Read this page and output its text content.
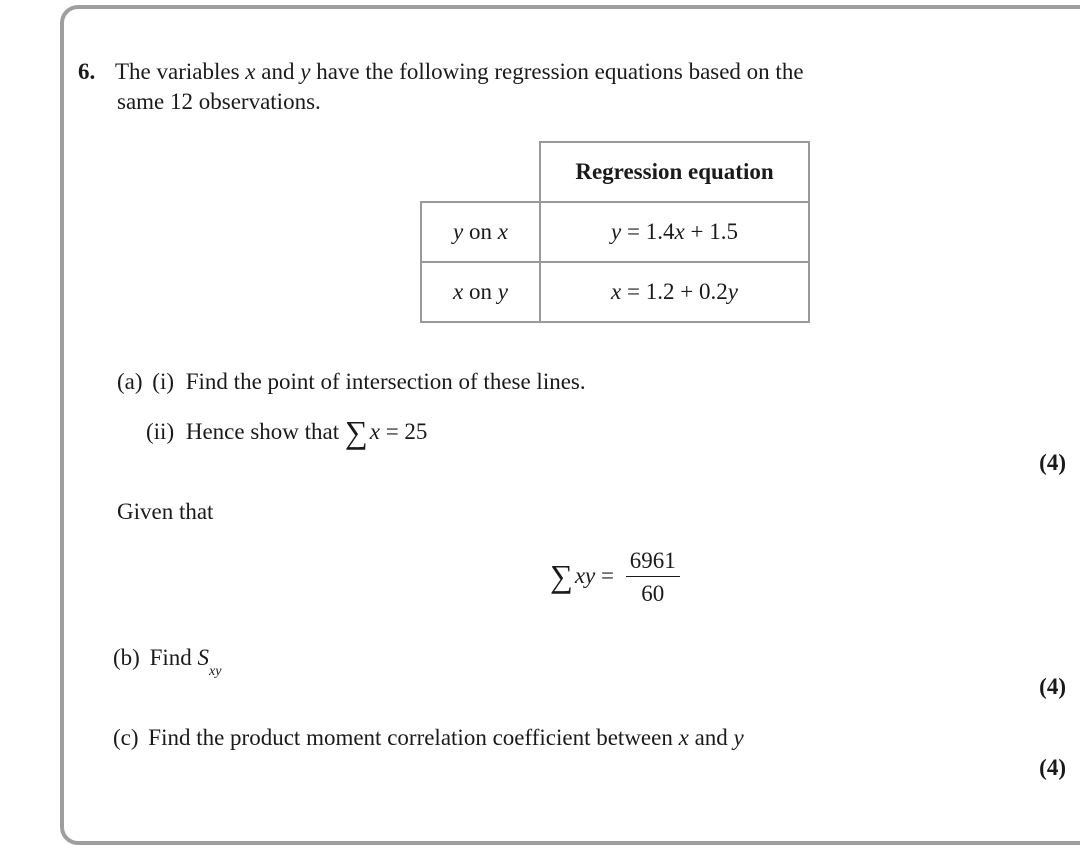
6. The variables x and y have the following regression equations based on the
same 12 observations.
	Regression equation
y on x	y = 1.4x + 1.5
x on y	x = 1.2 + 0.2y
(a) (i) Find the point of intersection of these lines.
(ii) Hence show that ∑x = 25
(4)
Given that
$\sum xy = \frac{6961}{60}$
(b) Find $S_{xy}$
(4)
(c) Find the product moment correlation coefficient between x and y
(4)
